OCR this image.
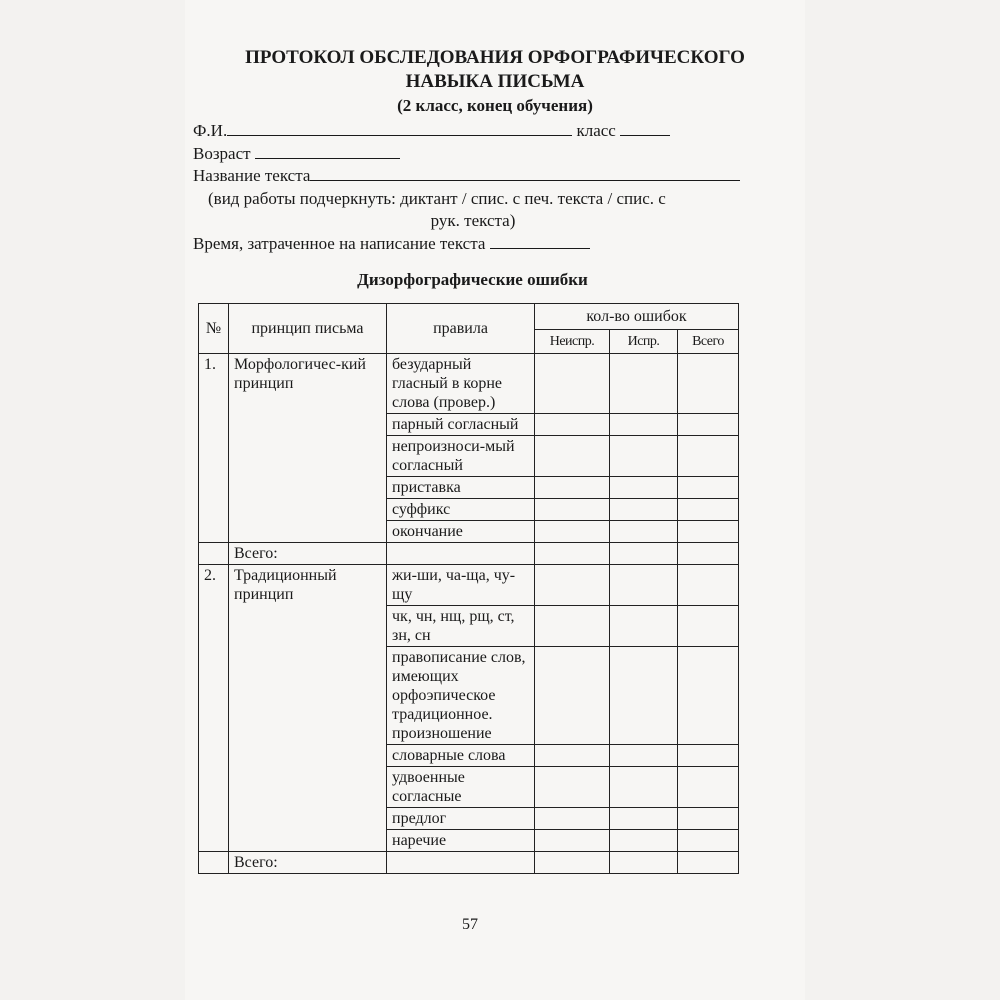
ПРОТОКОЛ ОБСЛЕДОВАНИЯ ОРФОГРАФИЧЕСКОГО
НАВЫКА ПИСЬМА
(2 класс, конец обучения)
Ф.И.	класс
Возраст
Название текста
(вид работы подчеркнуть: диктант / спис. с печ. текста / спис. с
рук. текста)
Время, затраченное на написание текста
Дизорфографические ошибки
№	принцип письма	правила	кол-во ошибок		
			Неиспр.	Испр.	Всего
1.	Морфологичес-кий принцип	безударный гласный в корне слова (провер.)			
		парный согласный			
		непроизноси-мый согласный			
		приставка			
		суффикс			
		окончание			
	Всего:				
2.	Традиционный принцип	жи-ши, ча-ща, чу-щу			
		чк, чн, нщ, рщ, ст, зн, сн			
		правописание слов, имеющих орфоэпическое традиционное. произношение			
		словарные слова			
		удвоенные согласные			
		предлог			
		наречие			
	Всего:				
57
